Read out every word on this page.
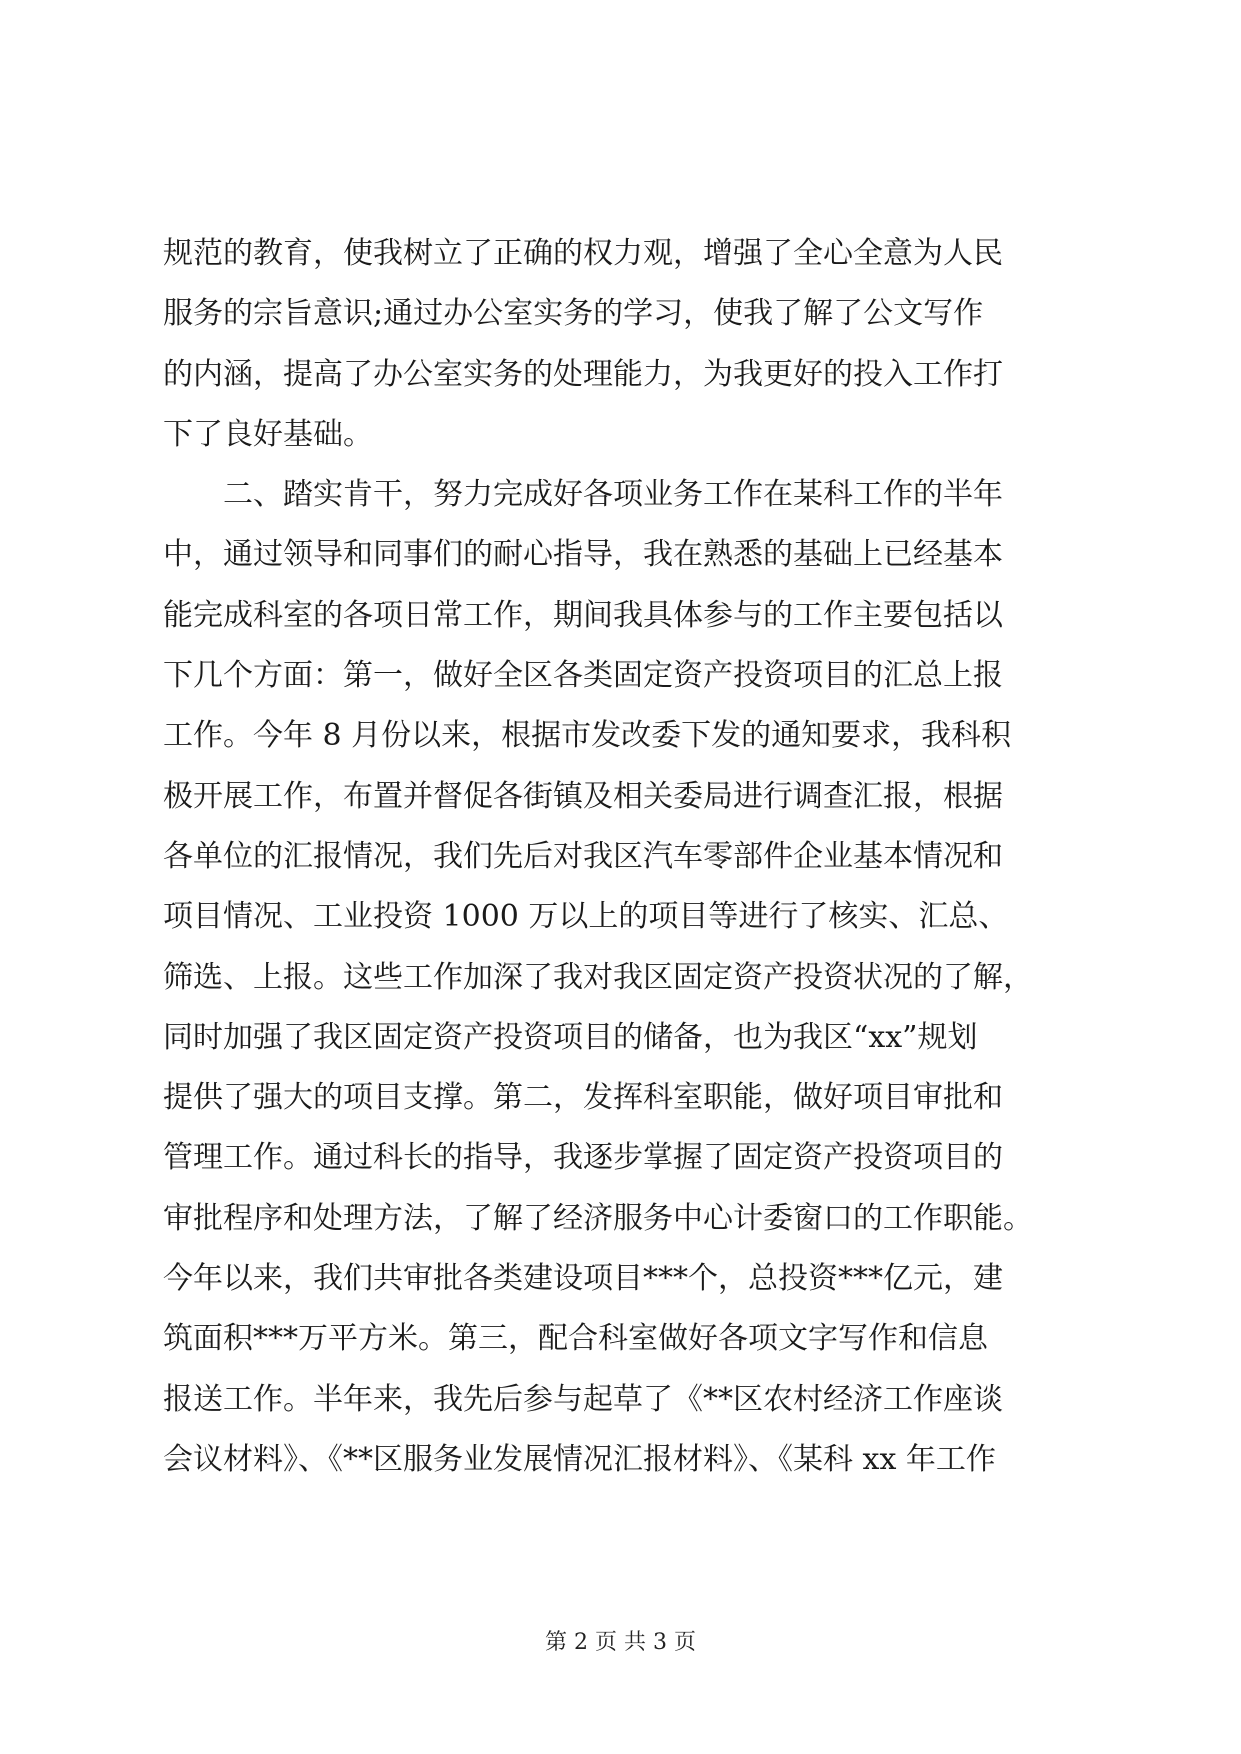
规范的教育，使我树立了正确的权力观，增强了全心全意为人民
服务的宗旨意识;通过办公室实务的学习，使我了解了公文写作
的内涵，提高了办公室实务的处理能力，为我更好的投入工作打
下了良好基础。
　　二、踏实肯干，努力完成好各项业务工作在某科工作的半年
中，通过领导和同事们的耐心指导，我在熟悉的基础上已经基本
能完成科室的各项日常工作，期间我具体参与的工作主要包括以
下几个方面：第一，做好全区各类固定资产投资项目的汇总上报
工作。今年 8 月份以来，根据市发改委下发的通知要求，我科积
极开展工作，布置并督促各街镇及相关委局进行调查汇报，根据
各单位的汇报情况，我们先后对我区汽车零部件企业基本情况和
项目情况、工业投资 1000 万以上的项目等进行了核实、汇总、
筛选、上报。这些工作加深了我对我区固定资产投资状况的了解，
同时加强了我区固定资产投资项目的储备，也为我区“xx”规划
提供了强大的项目支撑。第二，发挥科室职能，做好项目审批和
管理工作。通过科长的指导，我逐步掌握了固定资产投资项目的
审批程序和处理方法，了解了经济服务中心计委窗口的工作职能。
今年以来，我们共审批各类建设项目***个，总投资***亿元，建
筑面积***万平方米。第三，配合科室做好各项文字写作和信息
报送工作。半年来，我先后参与起草了《**区农村经济工作座谈
会议材料》、《**区服务业发展情况汇报材料》、《某科 xx 年工作
第 2 页 共 3 页
